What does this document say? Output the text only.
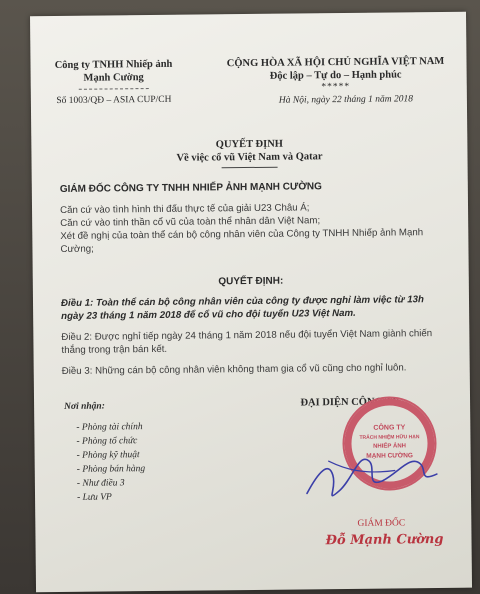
Công ty TNHH Nhiếp ảnh
Mạnh Cường
Số 1003/QĐ – ASIA CUP/CH
CỘNG HÒA XÃ HỘI CHỦ NGHĨA VIỆT NAM
Độc lập – Tự do – Hạnh phúc
*****
Hà Nội, ngày 22 tháng 1 năm 2018
QUYẾT ĐỊNH
Về việc cổ vũ Việt Nam và Qatar
GIÁM ĐỐC CÔNG TY TNHH NHIẾP ẢNH MẠNH CƯỜNG
Căn cứ vào tình hình thi đấu thực tế của giải U23 Châu Á;
Căn cứ vào tinh thần cổ vũ của toàn thể nhân dân Việt Nam;
Xét đề nghị của toàn thể cán bộ công nhân viên của Công ty TNHH Nhiếp ảnh Mạnh
Cường;
QUYẾT ĐỊNH:
Điều 1: Toàn thể cán bộ công nhân viên của công ty được nghỉ làm việc từ 13h
ngày 23 tháng 1 năm 2018 để cổ vũ cho đội tuyển U23 Việt Nam.
Điều 2: Được nghỉ tiếp ngày 24 tháng 1 năm 2018 nếu đội tuyển Việt Nam giành chiến
thắng trong trận bán kết.
Điều 3: Những cán bộ công nhân viên không tham gia cổ vũ cũng cho nghỉ luôn.
Nơi nhận:
- Phòng tài chính
- Phòng tổ chức
- Phòng kỹ thuật
- Phòng bán hàng
- Như điều 3
- Lưu VP
ĐẠI DIỆN CÔNG TY
CÔNG TY
TRÁCH NHIỆM HỮU HẠN
NHIẾP ẢNH
MẠNH CƯỜNG
GIÁM ĐỐC
Đỗ Mạnh Cường
